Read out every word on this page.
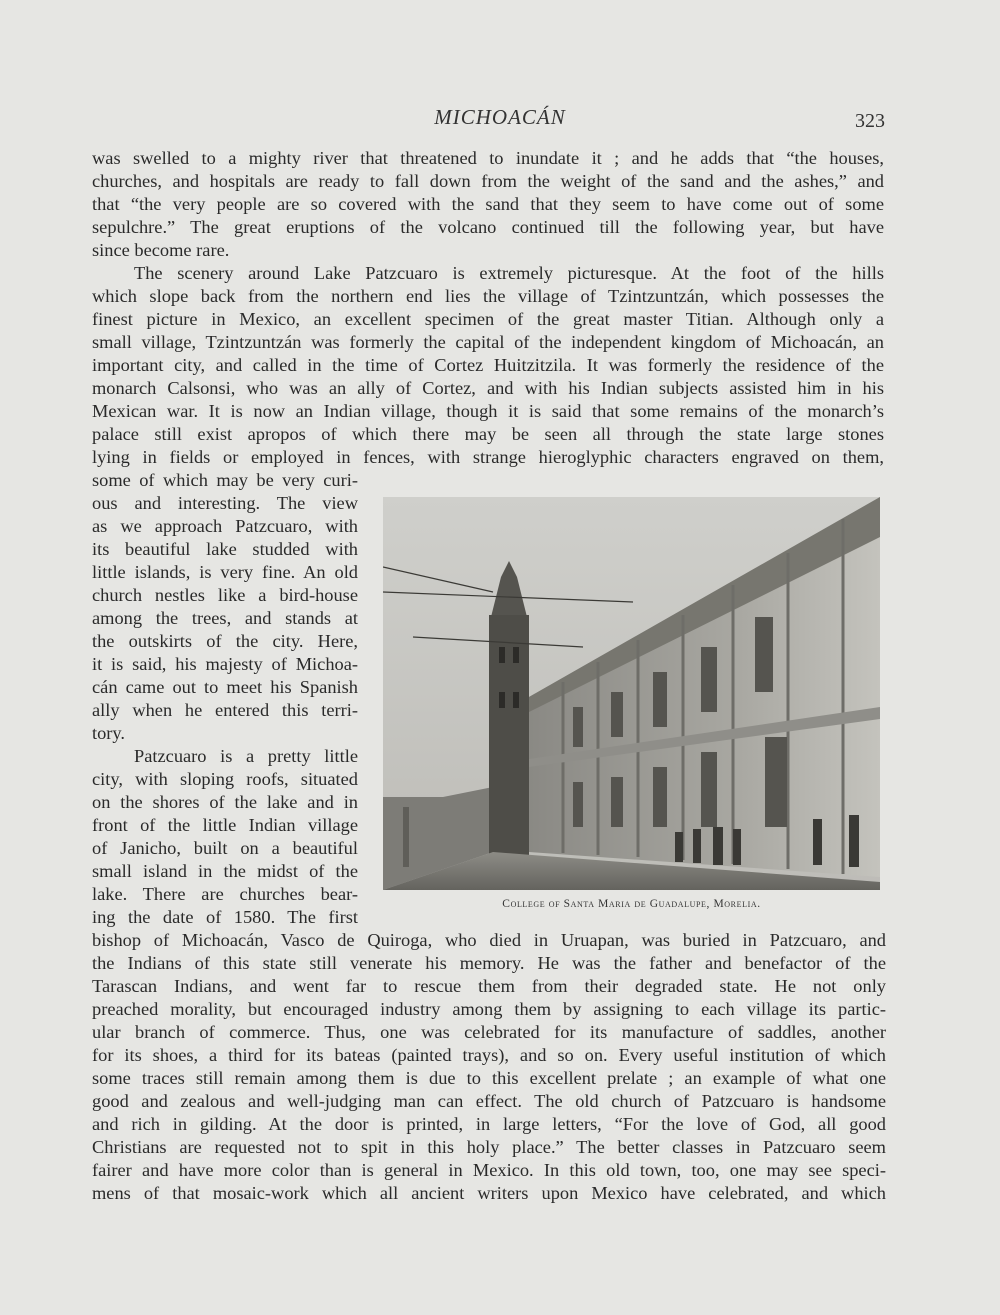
MICHOACÁN	323
was swelled to a mighty river that threatened to inundate it ; and he adds that “the houses,
churches, and hospitals are ready to fall down from the weight of the sand and the ashes,” and
that “the very people are so covered with the sand that they seem to have come out of some
sepulchre.” The great eruptions of the volcano continued till the following year, but have
since become rare.
The scenery around Lake Patzcuaro is extremely picturesque. At the foot of the hills
which slope back from the northern end lies the village of Tzintzuntzán, which possesses the
finest picture in Mexico, an excellent specimen of the great master Titian. Although only a
small village, Tzintzuntzán was formerly the capital of the independent kingdom of Michoacán, an
important city, and called in the time of Cortez Huitzitzila. It was formerly the residence of the
monarch Calsonsi, who was an ally of Cortez, and with his Indian subjects assisted him in his
Mexican war. It is now an Indian village, though it is said that some remains of the monarch’s
palace still exist apropos of which there may be seen all through the state large stones
lying in fields or employed in fences, with strange hieroglyphic characters engraved on them,
some of which may be very curi-
ous and interesting. The view
as we approach Patzcuaro, with
its beautiful lake studded with
little islands, is very fine. An old
church nestles like a bird-house
among the trees, and stands at
the outskirts of the city. Here,
it is said, his majesty of Michoa-
cán came out to meet his Spanish
ally when he entered this terri-
tory.
Patzcuaro is a pretty little
city, with sloping roofs, situated
on the shores of the lake and in
front of the little Indian village
of Janicho, built on a beautiful
small island in the midst of the
lake. There are churches bear-
ing the date of 1580. The first
bishop of Michoacán, Vasco de Quiroga, who died in Uruapan, was buried in Patzcuaro, and
the Indians of this state still venerate his memory. He was the father and benefactor of the
Tarascan Indians, and went far to rescue them from their degraded state. He not only
preached morality, but encouraged industry among them by assigning to each village its partic-
ular branch of commerce. Thus, one was celebrated for its manufacture of saddles, another
for its shoes, a third for its bateas (painted trays), and so on. Every useful institution of which
some traces still remain among them is due to this excellent prelate ; an example of what one
good and zealous and well-judging man can effect. The old church of Patzcuaro is handsome
and rich in gilding. At the door is printed, in large letters, “For the love of God, all good
Christians are requested not to spit in this holy place.” The better classes in Patzcuaro seem
fairer and have more color than is general in Mexico. In this old town, too, one may see speci-
mens of that mosaic-work which all ancient writers upon Mexico have celebrated, and which
College of Santa Maria de Guadalupe, Morelia.
